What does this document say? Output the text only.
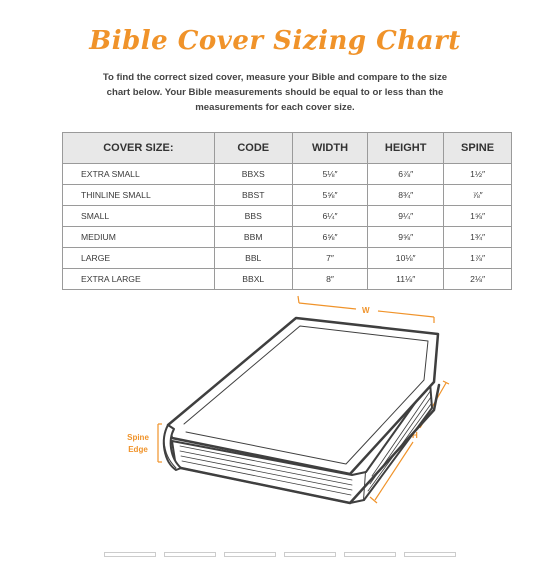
Bible Cover Sizing Chart
To find the correct sized cover, measure your Bible and compare to the size chart below. Your Bible measurements should be equal to or less than the measurements for each cover size.
COVER SIZE:	CODE	WIDTH	HEIGHT	SPINE
EXTRA SMALL	BBXS	5⅛″	6⅞″	1½″
THINLINE SMALL	BBST	5⅝″	8¾″	⅞″
SMALL	BBS	6¼″	9¼″	1⅝″
MEDIUM	BBM	6⅝″	9⅝″	1¾″
LARGE	BBL	7″	10⅛″	1⅞″
EXTRA LARGE	BBXL	8″	11⅛″	2⅛″
W
H
Spine
Edge
